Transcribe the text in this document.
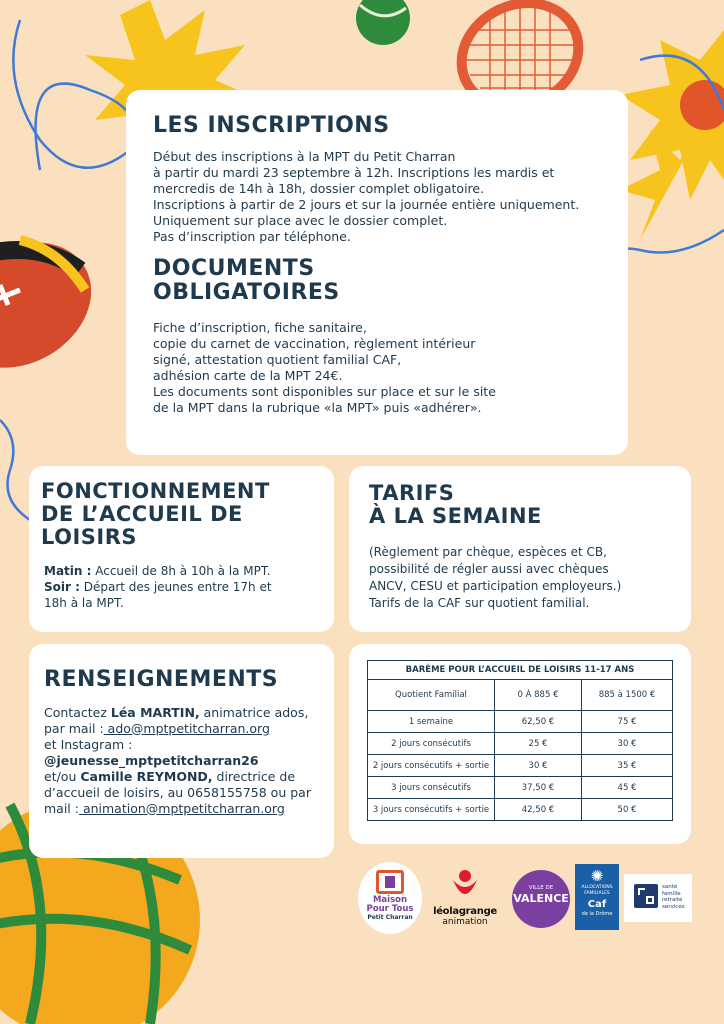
LES INSCRIPTIONS

Début des inscriptions à la MPT du Petit Charran

à partir du mardi 23 septembre à 12h. Inscriptions les mardis et

mercredis de 14h à 18h, dossier complet obligatoire.

Inscriptions à partir de 2 jours et sur la journée entière uniquement.

Uniquement sur place avec le dossier complet.

Pas d’inscription par téléphone.

DOCUMENTS
OBLIGATOIRES

Fiche d’inscription, fiche sanitaire,

copie du carnet de vaccination, règlement intérieur

signé, attestation quotient familial CAF,

adhésion carte de la MPT 24€.

Les documents sont disponibles sur place et sur le site

de la MPT dans la rubrique «la MPT» puis «adhérer».

FONCTIONNEMENT
DE L’ACCUEIL DE
LOISIRS

Matin : Accueil de 8h à 10h à la MPT.

Soir : Départ des jeunes entre 17h et

18h à la MPT.

TARIFS
À LA SEMAINE

(Règlement par chèque, espèces et CB,

possibilité de régler aussi avec chèques

ANCV, CESU et participation employeurs.)

Tarifs de la CAF sur quotient familial.

RENSEIGNEMENTS
Contactez Léa MARTIN, animatrice ados,
par mail : ado@mptpetitcharran.org
et Instagram :
@jeunesse_mptpetitcharran26
et/ou Camille REYMOND, directrice de
d’accueil de loisirs, au 0658155758 ou par
mail : animation@mptpetitcharran.org
BARÈME POUR L’ACCUEIL DE LOISIRS 11-17 ANS		
Quotient Familial	0 À 885 €	885 à 1500 €
1 semaine	62,50 €	75 €
2 jours consécutifs	25 €	30 €
2 jours consécutifs + sortie	30 €	35 €
3 jours consécutifs	37,50 €	45 €
3 jours consécutifs + sortie	42,50 €	50 €
Maison
Pour Tous
Petit Charran
léolagrange
animation
VILLE DE
VALENCE
✺
ALLOCATIONS
FAMILIALES
Caf
de la Drôme
santé
famille
retraite
services
